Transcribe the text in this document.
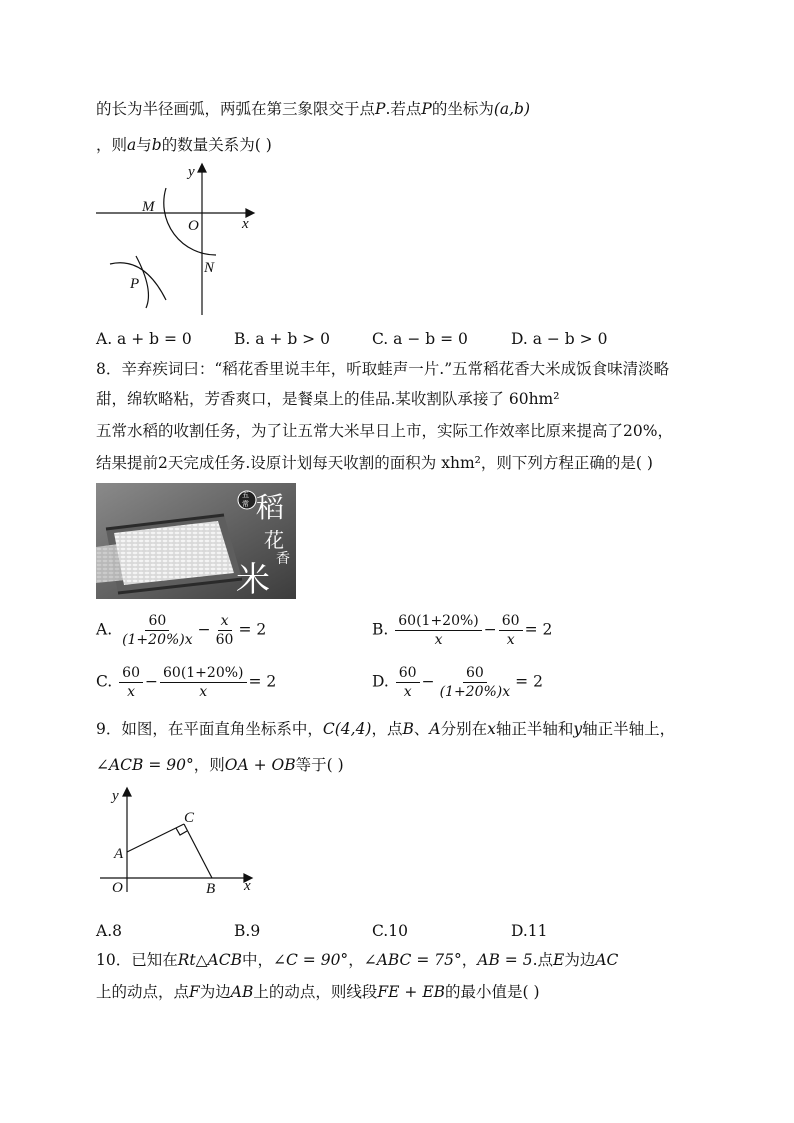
的长为半径画弧，两弧在第三象限交于点P.若点P的坐标为(a,b)
，则a与b的数量关系为( )
y
x
M
O
N
P
A. a + b = 0	B. a + b > 0	C. a − b = 0	D. a − b > 0
8．辛弃疾词曰：“稻花香里说丰年，听取蛙声一片.”五常稻花香大米成饭食味清淡略
甜，绵软略粘，芳香爽口，是餐桌上的佳品.某收割队承接了 60hm²
五常水稻的收割任务，为了让五常大米早日上市，实际工作效率比原来提高了20%，
结果提前2天完成任务.设原计划每天收割的面积为 xhm²，则下列方程正确的是( )
五
常 稻
花
香
米
A. $\frac{60}{(1+20\%)x} - \frac{x}{60} = 2$	B. $\frac{60(1+20\%)}{x} - \frac{60}{x} = 2$
C. $\frac{60}{x} - \frac{60(1+20\%)}{x} = 2$	D. $\frac{60}{x} - \frac{60}{(1+20\%)x} = 2$
9．如图，在平面直角坐标系中，C(4,4)，点B、A分别在x轴正半轴和y轴正半轴上，
∠ACB = 90°，则OA + OB等于( )
y
x
A
C
O	B
A.8	B.9	C.10	D.11
10．已知在Rt△ACB中，∠C = 90°，∠ABC = 75°，AB = 5.点E为边AC
上的动点，点F为边AB上的动点，则线段FE + EB的最小值是( )
